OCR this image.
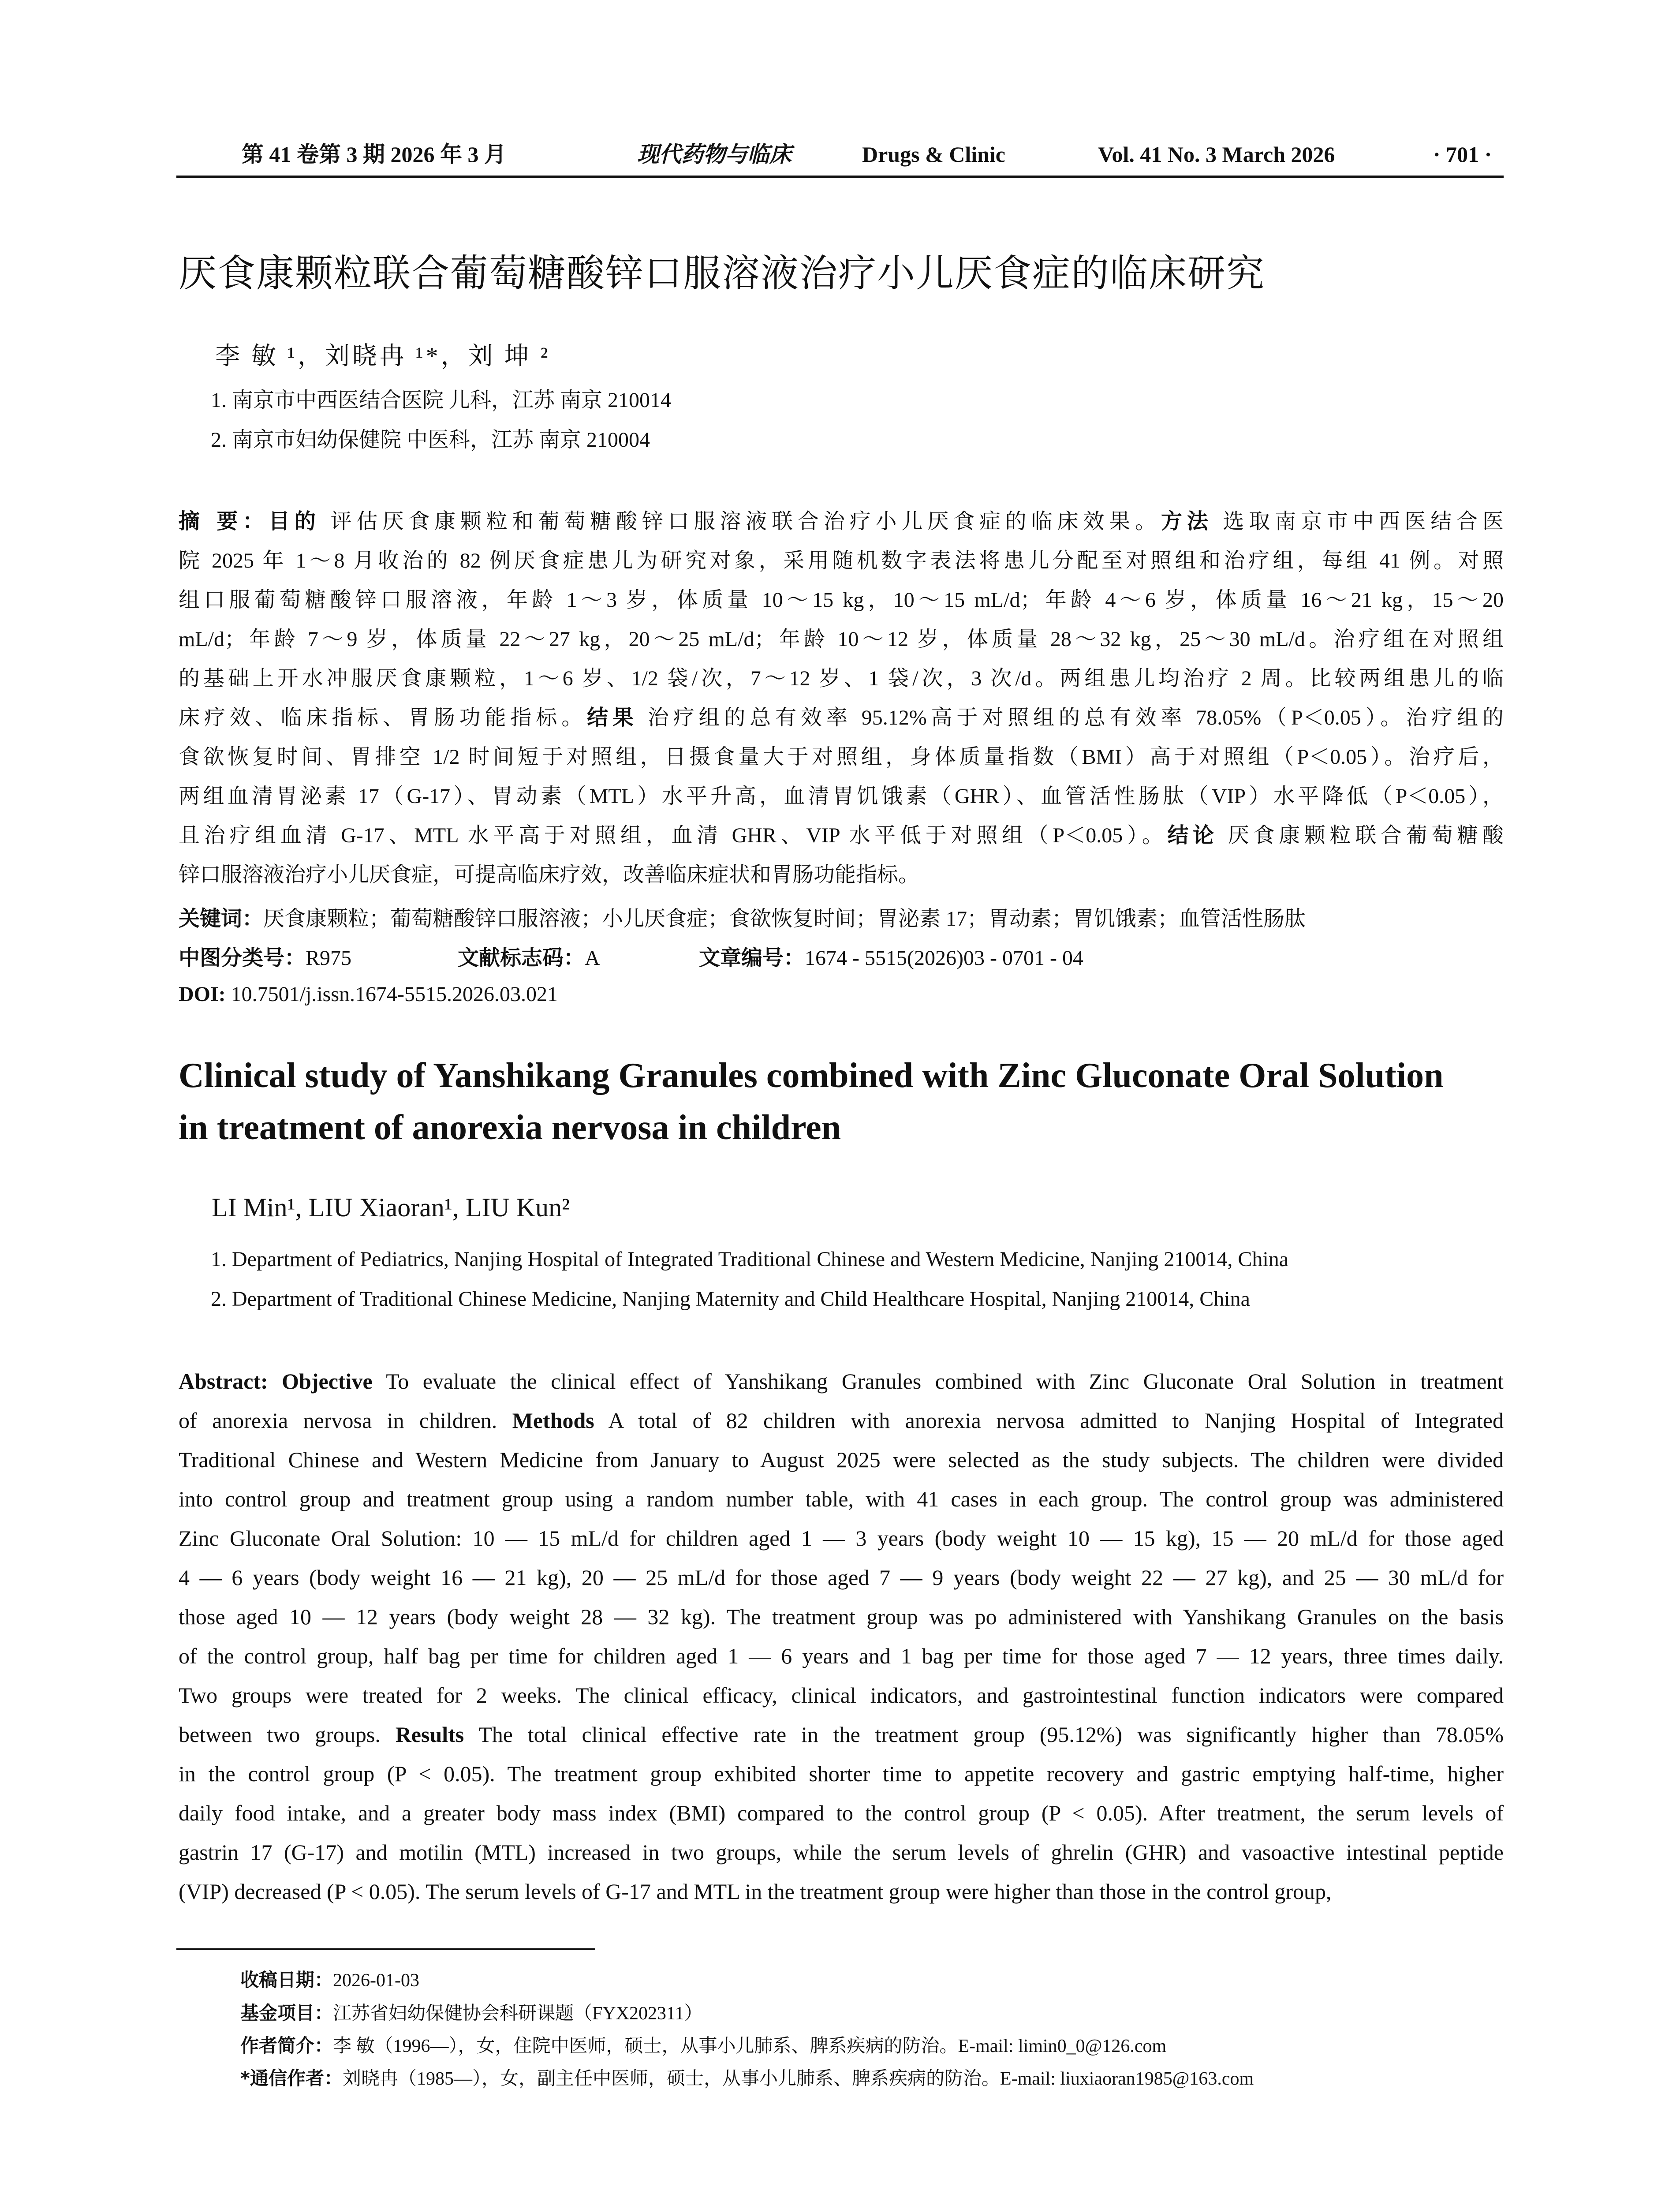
第 41 卷第 3 期 2026 年 3 月	现代药物与临床	Drugs & Clinic	Vol. 41 No. 3 March 2026	· 701 ·
厌食康颗粒联合葡萄糖酸锌口服溶液治疗小儿厌食症的临床研究
李 敏 ¹，刘晓冉 ¹*，刘 坤 ²
1. 南京市中西医结合医院 儿科，江苏 南京 210014
2. 南京市妇幼保健院 中医科，江苏 南京 210004
摘 要：目的 评估厌食康颗粒和葡萄糖酸锌口服溶液联合治疗小儿厌食症的临床效果。方法 选取南京市中西医结合医
院 2025 年 1～8 月收治的 82 例厌食症患儿为研究对象，采用随机数字表法将患儿分配至对照组和治疗组，每组 41 例。对照
组口服葡萄糖酸锌口服溶液，年龄 1～3 岁，体质量 10～15 kg，10～15 mL/d；年龄 4～6 岁，体质量 16～21 kg，15～20
mL/d；年龄 7～9 岁，体质量 22～27 kg，20～25 mL/d；年龄 10～12 岁，体质量 28～32 kg，25～30 mL/d。治疗组在对照组
的基础上开水冲服厌食康颗粒，1～6 岁、1/2 袋/次，7～12 岁、1 袋/次，3 次/d。两组患儿均治疗 2 周。比较两组患儿的临
床疗效、临床指标、胃肠功能指标。结果 治疗组的总有效率 95.12%高于对照组的总有效率 78.05%（P＜0.05）。治疗组的
食欲恢复时间、胃排空 1/2 时间短于对照组，日摄食量大于对照组，身体质量指数（BMI）高于对照组（P＜0.05）。治疗后，
两组血清胃泌素 17（G-17）、胃动素（MTL）水平升高，血清胃饥饿素（GHR）、血管活性肠肽（VIP）水平降低（P＜0.05），
且治疗组血清 G-17、MTL 水平高于对照组，血清 GHR、VIP 水平低于对照组（P＜0.05）。结论 厌食康颗粒联合葡萄糖酸
锌口服溶液治疗小儿厌食症，可提高临床疗效，改善临床症状和胃肠功能指标。
关键词：厌食康颗粒；葡萄糖酸锌口服溶液；小儿厌食症；食欲恢复时间；胃泌素 17；胃动素；胃饥饿素；血管活性肠肽
中图分类号：R975	文献标志码：A	文章编号：1674 - 5515(2026)03 - 0701 - 04
DOI: 10.7501/j.issn.1674-5515.2026.03.021
Clinical study of Yanshikang Granules combined with Zinc Gluconate Oral Solution
in treatment of anorexia nervosa in children
LI Min¹, LIU Xiaoran¹, LIU Kun²
1. Department of Pediatrics, Nanjing Hospital of Integrated Traditional Chinese and Western Medicine, Nanjing 210014, China
2. Department of Traditional Chinese Medicine, Nanjing Maternity and Child Healthcare Hospital, Nanjing 210014, China
Abstract: Objective To evaluate the clinical effect of Yanshikang Granules combined with Zinc Gluconate Oral Solution in treatment
of anorexia nervosa in children. Methods A total of 82 children with anorexia nervosa admitted to Nanjing Hospital of Integrated
Traditional Chinese and Western Medicine from January to August 2025 were selected as the study subjects. The children were divided
into control group and treatment group using a random number table, with 41 cases in each group. The control group was administered
Zinc Gluconate Oral Solution: 10 — 15 mL/d for children aged 1 — 3 years (body weight 10 — 15 kg), 15 — 20 mL/d for those aged
4 — 6 years (body weight 16 — 21 kg), 20 — 25 mL/d for those aged 7 — 9 years (body weight 22 — 27 kg), and 25 — 30 mL/d for
those aged 10 — 12 years (body weight 28 — 32 kg). The treatment group was po administered with Yanshikang Granules on the basis
of the control group, half bag per time for children aged 1 — 6 years and 1 bag per time for those aged 7 — 12 years, three times daily.
Two groups were treated for 2 weeks. The clinical efficacy, clinical indicators, and gastrointestinal function indicators were compared
between two groups. Results The total clinical effective rate in the treatment group (95.12%) was significantly higher than 78.05%
in the control group (P < 0.05). The treatment group exhibited shorter time to appetite recovery and gastric emptying half-time, higher
daily food intake, and a greater body mass index (BMI) compared to the control group (P < 0.05). After treatment, the serum levels of
gastrin 17 (G-17) and motilin (MTL) increased in two groups, while the serum levels of ghrelin (GHR) and vasoactive intestinal peptide
(VIP) decreased (P < 0.05). The serum levels of G-17 and MTL in the treatment group were higher than those in the control group,
收稿日期：2026-01-03
基金项目：江苏省妇幼保健协会科研课题（FYX202311）
作者简介：李 敏（1996—），女，住院中医师，硕士，从事小儿肺系、脾系疾病的防治。E-mail: limin0_0@126.com
*通信作者：刘晓冉（1985—），女，副主任中医师，硕士，从事小儿肺系、脾系疾病的防治。E-mail: liuxiaoran1985@163.com
